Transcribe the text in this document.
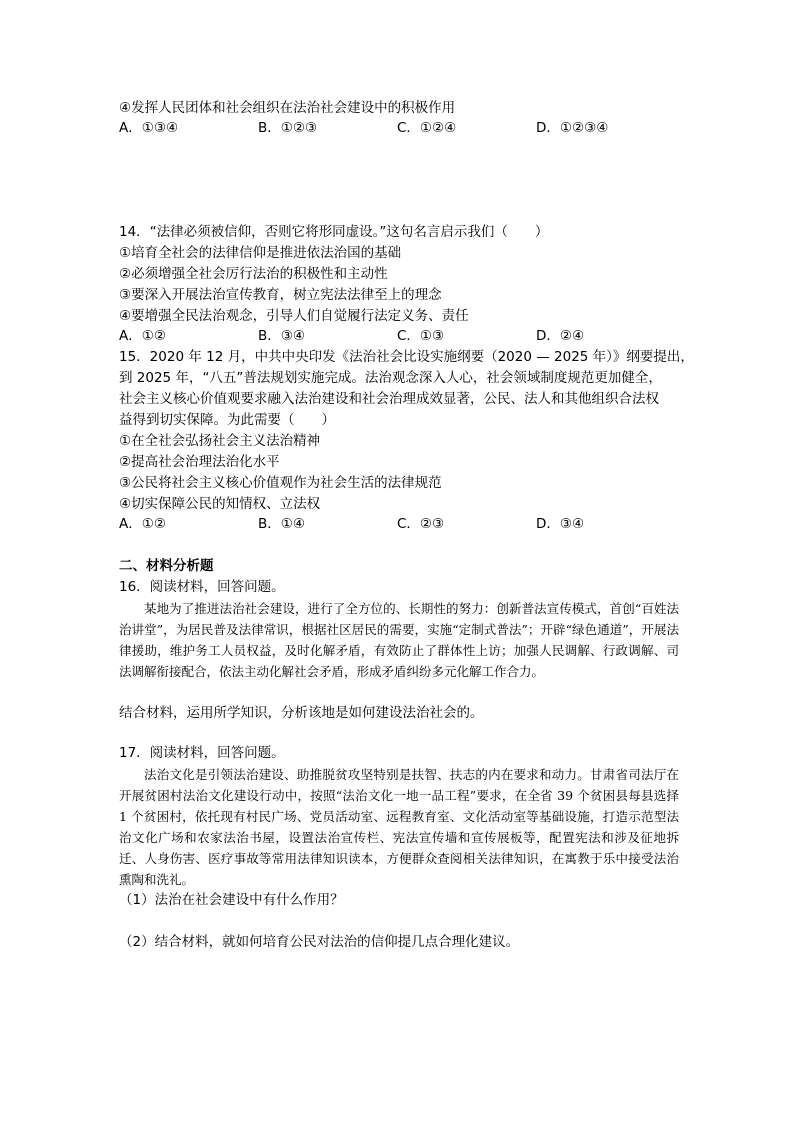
④发挥人民团体和社会组织在法治社会建设中的积极作用
A．①③④	B．①②③	C．①②④	D．①②③④
14．“法律必须被信仰，否则它将形同虚设。”这句名言启示我们（　　）
①培育全社会的法律信仰是推进依法治国的基础
②必须增强全社会厉行法治的积极性和主动性
③要深入开展法治宣传教育，树立宪法法律至上的理念
④要增强全民法治观念，引导人们自觉履行法定义务、责任
A．①②	B．③④	C．①③	D．②④
15．2020 年 12 月，中共中央印发《法治社会比设实施纲要（2020 — 2025 年）》纲要提出，
到 2025 年，“八五”普法规划实施完成。法治观念深入人心，社会领域制度规范更加健全，
社会主义核心价值观要求融入法治建设和社会治理成效显著，公民、法人和其他组织合法权
益得到切实保障。为此需要（　　）
①在全社会弘扬社会主义法治精神
②提高社会治理法治化水平
③公民将社会主义核心价值观作为社会生活的法律规范
④切实保障公民的知情权、立法权
A．①②	B．①④	C．②③	D．③④
二、材料分析题
16．阅读材料，回答问题。

某地为了推进法治社会建设，进行了全方位的、长期性的努力：创新普法宣传模式，首创“百姓法治讲堂”，为居民普及法律常识，根据社区居民的需要，实施“定制式普法”；开辟“绿色通道”，开展法律援助，维护务工人员权益，及时化解矛盾，有效防止了群体性上访；加强人民调解、行政调解、司法调解衔接配合，依法主动化解社会矛盾，形成矛盾纠纷多元化解工作合力。

结合材料，运用所学知识，分析该地是如何建设法治社会的。
17．阅读材料，回答问题。

法治文化是引领法治建设、助推脱贫攻坚特别是扶智、扶志的内在要求和动力。甘肃省司法厅在开展贫困村法治文化建设行动中，按照“法治文化一地一品工程”要求，在全省 39 个贫困县每县选择 1 个贫困村，依托现有村民广场、党员活动室、远程教育室、文化活动室等基础设施，打造示范型法治文化广场和农家法治书屋，设置法治宣传栏、宪法宣传墙和宣传展板等，配置宪法和涉及征地拆迁、人身伤害、医疗事故等常用法律知识读本，方便群众查阅相关法律知识，在寓教于乐中接受法治熏陶和洗礼。

（1）法治在社会建设中有什么作用？
（2）结合材料，就如何培育公民对法治的信仰提几点合理化建议。
